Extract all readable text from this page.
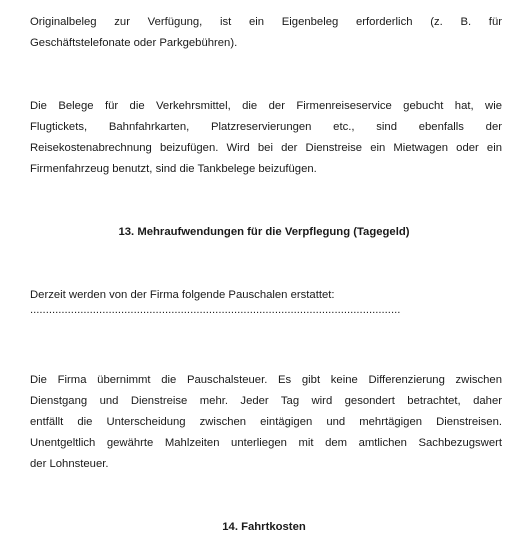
Originalbeleg zur Verfügung, ist ein Eigenbeleg erforderlich (z. B. für
Geschäftstelefonate oder Parkgebühren).
Die Belege für die Verkehrsmittel, die der Firmenreiseservice gebucht hat, wie
Flugtickets, Bahnfahrkarten, Platzreservierungen etc., sind ebenfalls der
Reisekostenabrechnung beizufügen. Wird bei der Dienstreise ein Mietwagen oder ein
Firmenfahrzeug benutzt, sind die Tankbelege beizufügen.
13. Mehraufwendungen für die Verpflegung (Tagegeld)
Derzeit werden von der Firma folgende Pauschalen erstattet:
......................................................................................................................
Die Firma übernimmt die Pauschalsteuer. Es gibt keine Differenzierung zwischen
Dienstgang und Dienstreise mehr. Jeder Tag wird gesondert betrachtet, daher
entfällt die Unterscheidung zwischen eintägigen und mehrtägigen Dienstreisen.
Unentgeltlich gewährte Mahlzeiten unterliegen mit dem amtlichen Sachbezugswert
der Lohnsteuer.
14. Fahrtkosten
